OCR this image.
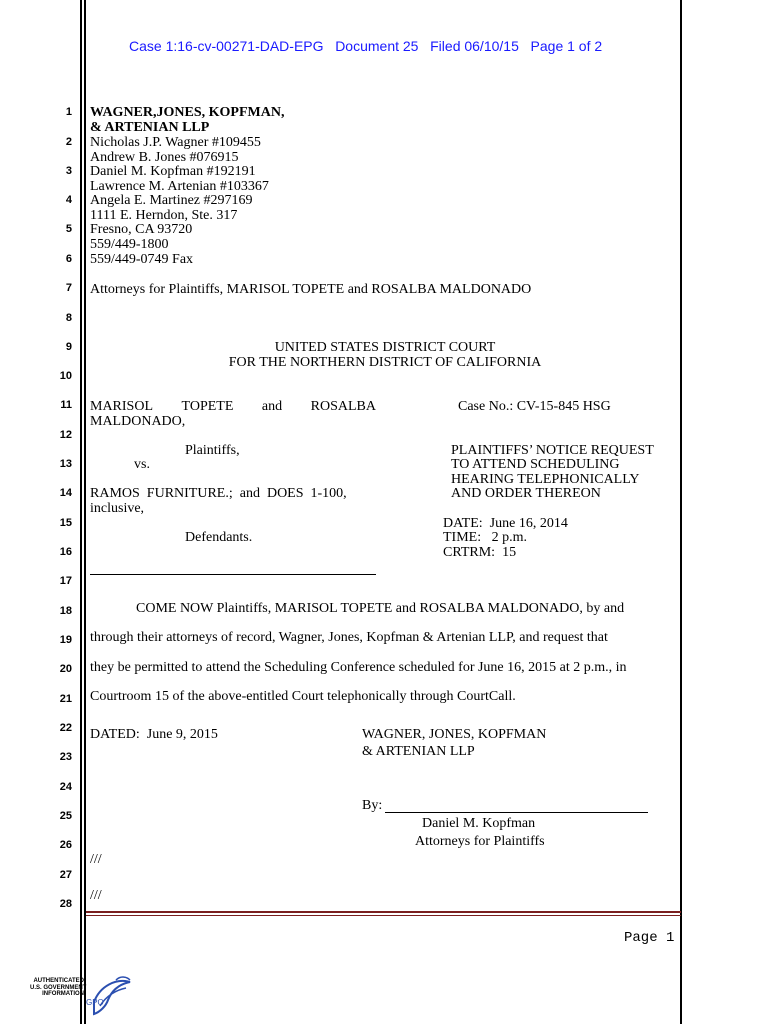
Case 1:16-cv-00271-DAD-EPG   Document 25   Filed 06/10/15   Page 1 of 2
1
2
3
4
5
6
7
8
9
10
11
12
13
14
15
16
17
18
19
20
21
22
23
24
25
26
27
28
WAGNER,JONES, KOPFMAN,
& ARTENIAN LLP
Nicholas J.P. Wagner #109455
Andrew B. Jones #076915
Daniel M. Kopfman #192191
Lawrence M. Artenian #103367
Angela E. Martinez #297169
1111 E. Herndon, Ste. 317
Fresno, CA 93720
559/449-1800
559/449-0749 Fax
Attorneys for Plaintiffs, MARISOL TOPETE and ROSALBA MALDONADO
UNITED STATES DISTRICT COURT
FOR THE NORTHERN DISTRICT OF CALIFORNIA
MARISOL TOPETE and ROSALBA
MALDONADO,
Plaintiffs,
vs.
RAMOS  FURNITURE.;  and  DOES  1-100,
inclusive,
Defendants.
Case No.: CV-15-845 HSG
PLAINTIFFS’ NOTICE REQUEST
TO ATTEND SCHEDULING
HEARING TELEPHONICALLY
AND ORDER THEREON
DATE:  June 16, 2014
TIME:   2 p.m.
CRTRM:  15
COME NOW Plaintiffs, MARISOL TOPETE and ROSALBA MALDONADO, by and
through their attorneys of record, Wagner, Jones, Kopfman & Artenian LLP, and request that
they be permitted to attend the Scheduling Conference scheduled for June 16, 2015 at 2 p.m., in
Courtroom 15 of the above-entitled Court telephonically through CourtCall.
DATED:  June 9, 2015	WAGNER, JONES, KOPFMAN
& ARTENIAN LLP
By:
Daniel M. Kopfman
Attorneys for Plaintiffs
///
///
Page 1
AUTHENTICATED
U.S. GOVERNMENT
INFORMATION
GPO
